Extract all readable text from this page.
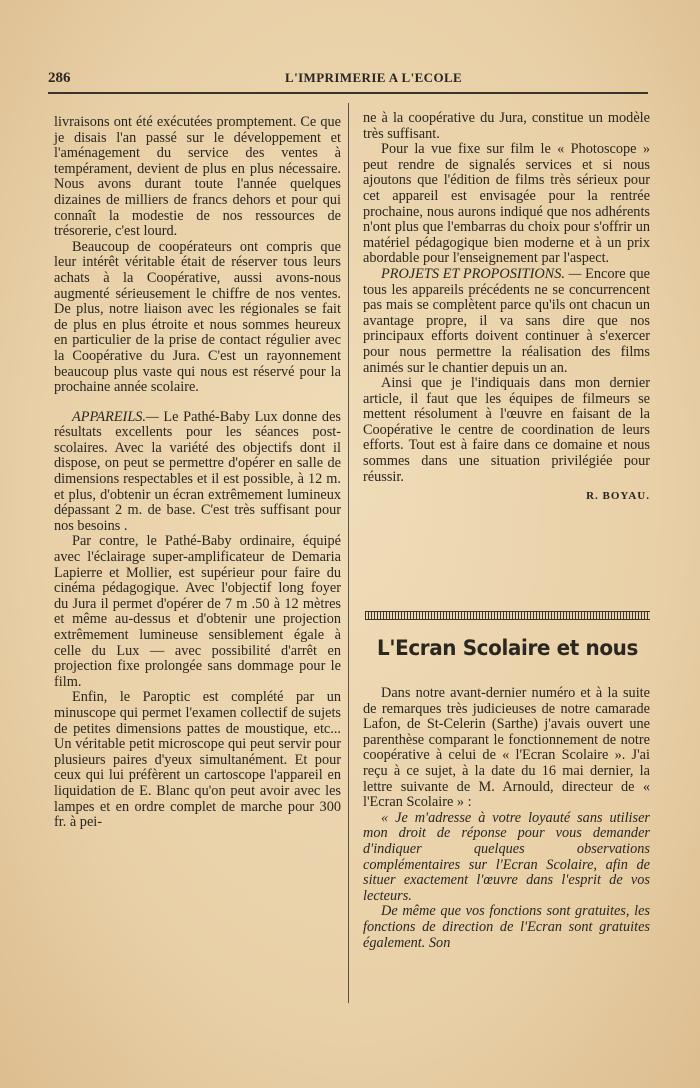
286	L'IMPRIMERIE A L'ECOLE

livraisons ont été exécutées promptement. Ce que je disais l'an passé sur le développement et l'aménagement du service des ventes à tempérament, devient de plus en plus nécessaire. Nous avons durant toute l'année quelques dizaines de milliers de francs dehors et pour qui connaît la modestie de nos ressources de trésorerie, c'est lourd.

Beaucoup de coopérateurs ont compris que leur intérêt véritable était de réserver tous leurs achats à la Coopérative, aussi avons-nous augmenté sérieusement le chiffre de nos ventes. De plus, notre liaison avec les régionales se fait de plus en plus étroite et nous sommes heureux en particulier de la prise de contact régulier avec la Coopérative du Jura. C'est un rayonnement beaucoup plus vaste qui nous est réservé pour la prochaine année scolaire.

APPAREILS.— Le Pathé-Baby Lux donne des résultats excellents pour les séances post-scolaires. Avec la variété des objectifs dont il dispose, on peut se permettre d'opérer en salle de dimensions respectables et il est possible, à 12 m. et plus, d'obtenir un écran extrêmement lumineux dépassant 2 m. de base. C'est très suffisant pour nos besoins .

Par contre, le Pathé-Baby ordinaire, équipé avec l'éclairage super-amplificateur de Demaria Lapierre et Mollier, est supérieur pour faire du cinéma pédagogique. Avec l'objectif long foyer du Jura il permet d'opérer de 7 m .50 à 12 mètres et même au-dessus et d'obtenir une projection extrêmement lumineuse sensiblement égale à celle du Lux — avec possibilité d'arrêt en projection fixe prolongée sans dommage pour le film.

Enfin, le Paroptic est complété par un minuscope qui permet l'examen collectif de sujets de petites dimensions pattes de moustique, etc... Un véritable petit microscope qui peut servir pour plusieurs paires d'yeux simultanément. Et pour ceux qui lui préfèrent un cartoscope l'appareil en liquidation de E. Blanc qu'on peut avoir avec les lampes et en ordre complet de marche pour 300 fr. à pei-

ne à la coopérative du Jura, constitue un modèle très suffisant.

Pour la vue fixe sur film le « Photoscope » peut rendre de signalés services et si nous ajoutons que l'édition de films très sérieux pour cet appareil est envisagée pour la rentrée prochaine, nous aurons indiqué que nos adhérents n'ont plus que l'embarras du choix pour s'offrir un matériel pédagogique bien moderne et à un prix abordable pour l'enseignement par l'aspect.

PROJETS ET PROPOSITIONS. — Encore que tous les appareils précédents ne se concurrencent pas mais se complètent parce qu'ils ont chacun un avantage propre, il va sans dire que nos principaux efforts doivent continuer à s'exercer pour nous permettre la réalisation des films animés sur le chantier depuis un an.

Ainsi que je l'indiquais dans mon dernier article, il faut que les équipes de filmeurs se mettent résolument à l'œuvre en faisant de la Coopérative le centre de coordination de leurs efforts. Tout est à faire dans ce domaine et nous sommes dans une situation privilégiée pour réussir.

R. BOYAU.

L'Ecran Scolaire et nous

Dans notre avant-dernier numéro et à la suite de remarques très judicieuses de notre camarade Lafon, de St-Celerin (Sarthe) j'avais ouvert une parenthèse comparant le fonctionnement de notre coopérative à celui de « l'Ecran Scolaire ». J'ai reçu à ce sujet, à la date du 16 mai dernier, la lettre suivante de M. Arnould, directeur de « l'Ecran Scolaire » :

« Je m'adresse à votre loyauté sans utiliser mon droit de réponse pour vous demander d'indiquer quelques observations complémentaires sur l'Ecran Scolaire, afin de situer exactement l'œuvre dans l'esprit de vos lecteurs.

De même que vos fonctions sont gratuites, les fonctions de direction de l'Ecran sont gratuites également. Son
